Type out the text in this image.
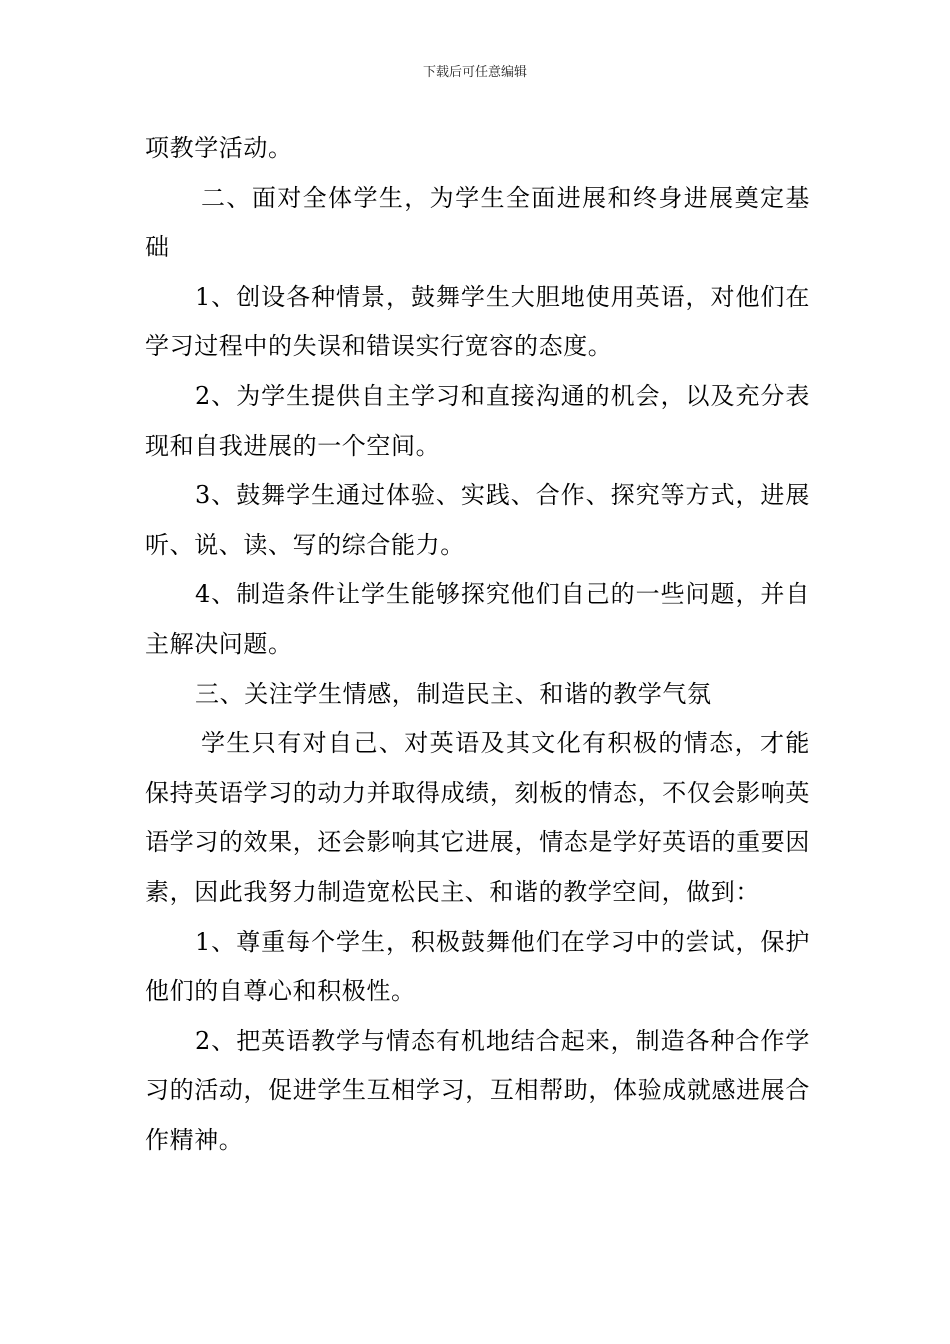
下载后可任意编辑

项教学活动。

二、面对全体学生，为学生全面进展和终身进展奠定基础

1、创设各种情景，鼓舞学生大胆地使用英语，对他们在学习过程中的失误和错误实行宽容的态度。

2、为学生提供自主学习和直接沟通的机会，以及充分表现和自我进展的一个空间。

3、鼓舞学生通过体验、实践、合作、探究等方式，进展听、说、读、写的综合能力。

4、制造条件让学生能够探究他们自己的一些问题，并自主解决问题。

三、关注学生情感，制造民主、和谐的教学气氛

学生只有对自己、对英语及其文化有积极的情态，才能保持英语学习的动力并取得成绩，刻板的情态，不仅会影响英语学习的效果，还会影响其它进展，情态是学好英语的重要因素，因此我努力制造宽松民主、和谐的教学空间，做到：

1、尊重每个学生，积极鼓舞他们在学习中的尝试，保护他们的自尊心和积极性。

2、把英语教学与情态有机地结合起来，制造各种合作学习的活动，促进学生互相学习，互相帮助，体验成就感进展合作精神。
